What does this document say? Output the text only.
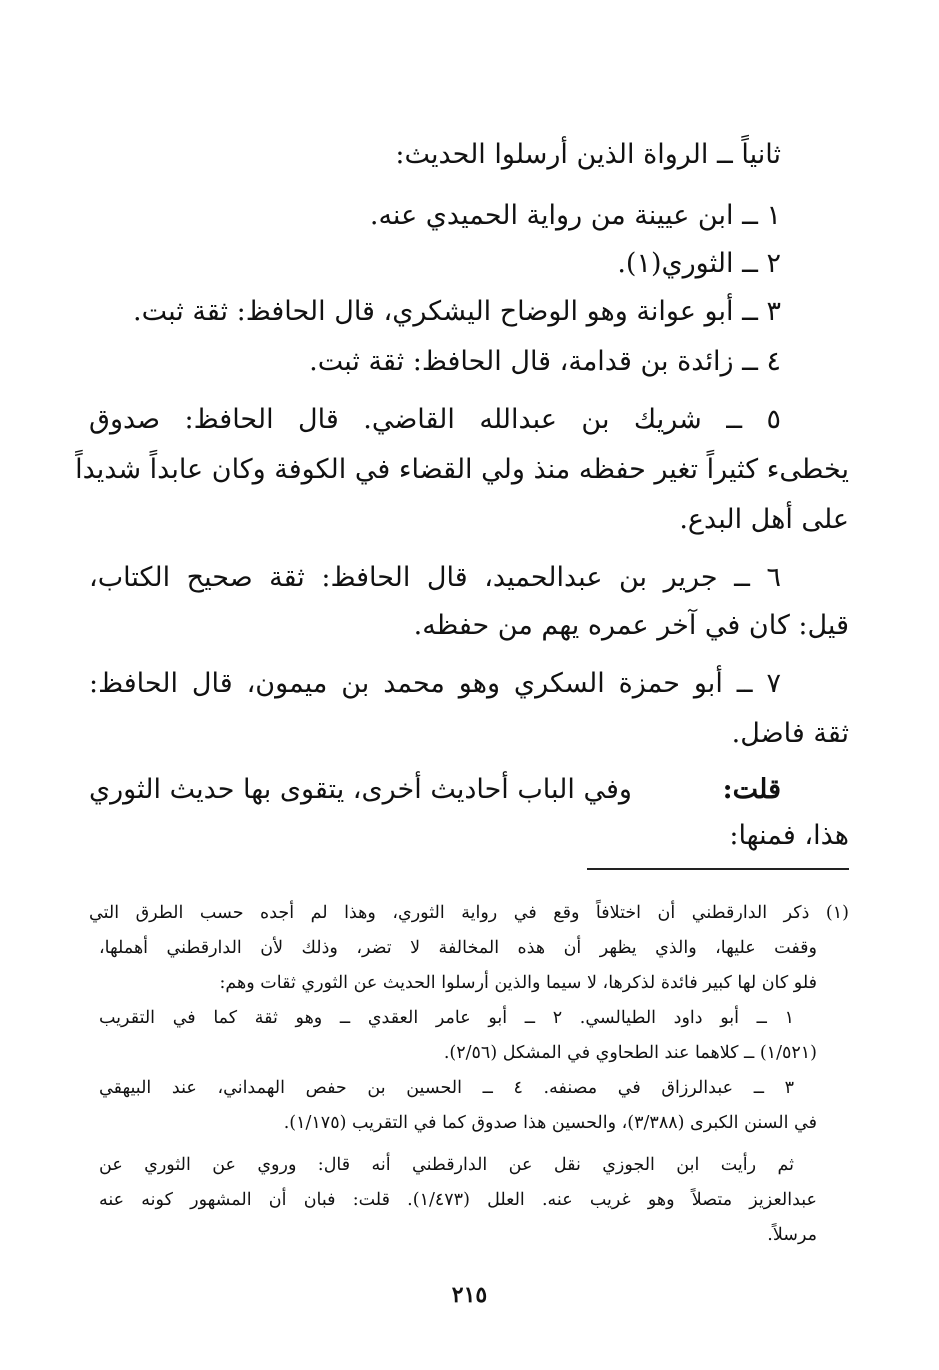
ثانياً ــ الرواة الذين أرسلوا الحديث:
١ ــ ابن عيينة من رواية الحميدي عنه.
٢ ــ الثوري(١).
٣ ــ أبو عوانة وهو الوضاح اليشكري، قال الحافظ: ثقة ثبت.
٤ ــ زائدة بن قدامة، قال الحافظ: ثقة ثبت.
٥ ــ شريك بن عبدالله القاضي. قال الحافظ: صدوق
يخطىء كثيراً تغير حفظه منذ ولي القضاء في الكوفة وكان عابداً شديداً
على أهل البدع.
٦ ــ جرير بن عبدالحميد، قال الحافظ: ثقة صحيح الكتاب،
قيل: كان في آخر عمره يهم من حفظه.
٧ ــ أبو حمزة السكري وهو محمد بن ميمون، قال الحافظ:
ثقة فاضل.
قلت:
وفي الباب أحاديث أخرى، يتقوى بها حديث الثوري
هذا، فمنها:
(١) ذكر الدارقطني أن اختلافاً وقع في رواية الثوري، وهذا لم أجده حسب الطرق التي
وقفت عليها، والذي يظهر أن هذه المخالفة لا تضر، وذلك لأن الدارقطني أهملها،
فلو كان لها كبير فائدة لذكرها، لا سيما والذين أرسلوا الحديث عن الثوري ثقات وهم:
١ ــ أبو داود الطيالسي. ٢ ــ أبو عامر العقدي ــ وهو ثقة كما في التقريب
(١/٥٢١) ــ كلاهما عند الطحاوي في المشكل (٢/٥٦).
٣ ــ عبدالرزاق في مصنفه. ٤ ــ الحسين بن حفص الهمداني، عند البيهقي
في السنن الكبرى (٣/٣٨٨)، والحسين هذا صدوق كما في التقريب (١/١٧٥).
ثم رأيت ابن الجوزي نقل عن الدارقطني أنه قال: وروي عن الثوري عن
عبدالعزيز متصلاً وهو غريب عنه. العلل (١/٤٧٣). قلت: فبان أن المشهور كونه عنه
مرسلاً.
٢١٥
